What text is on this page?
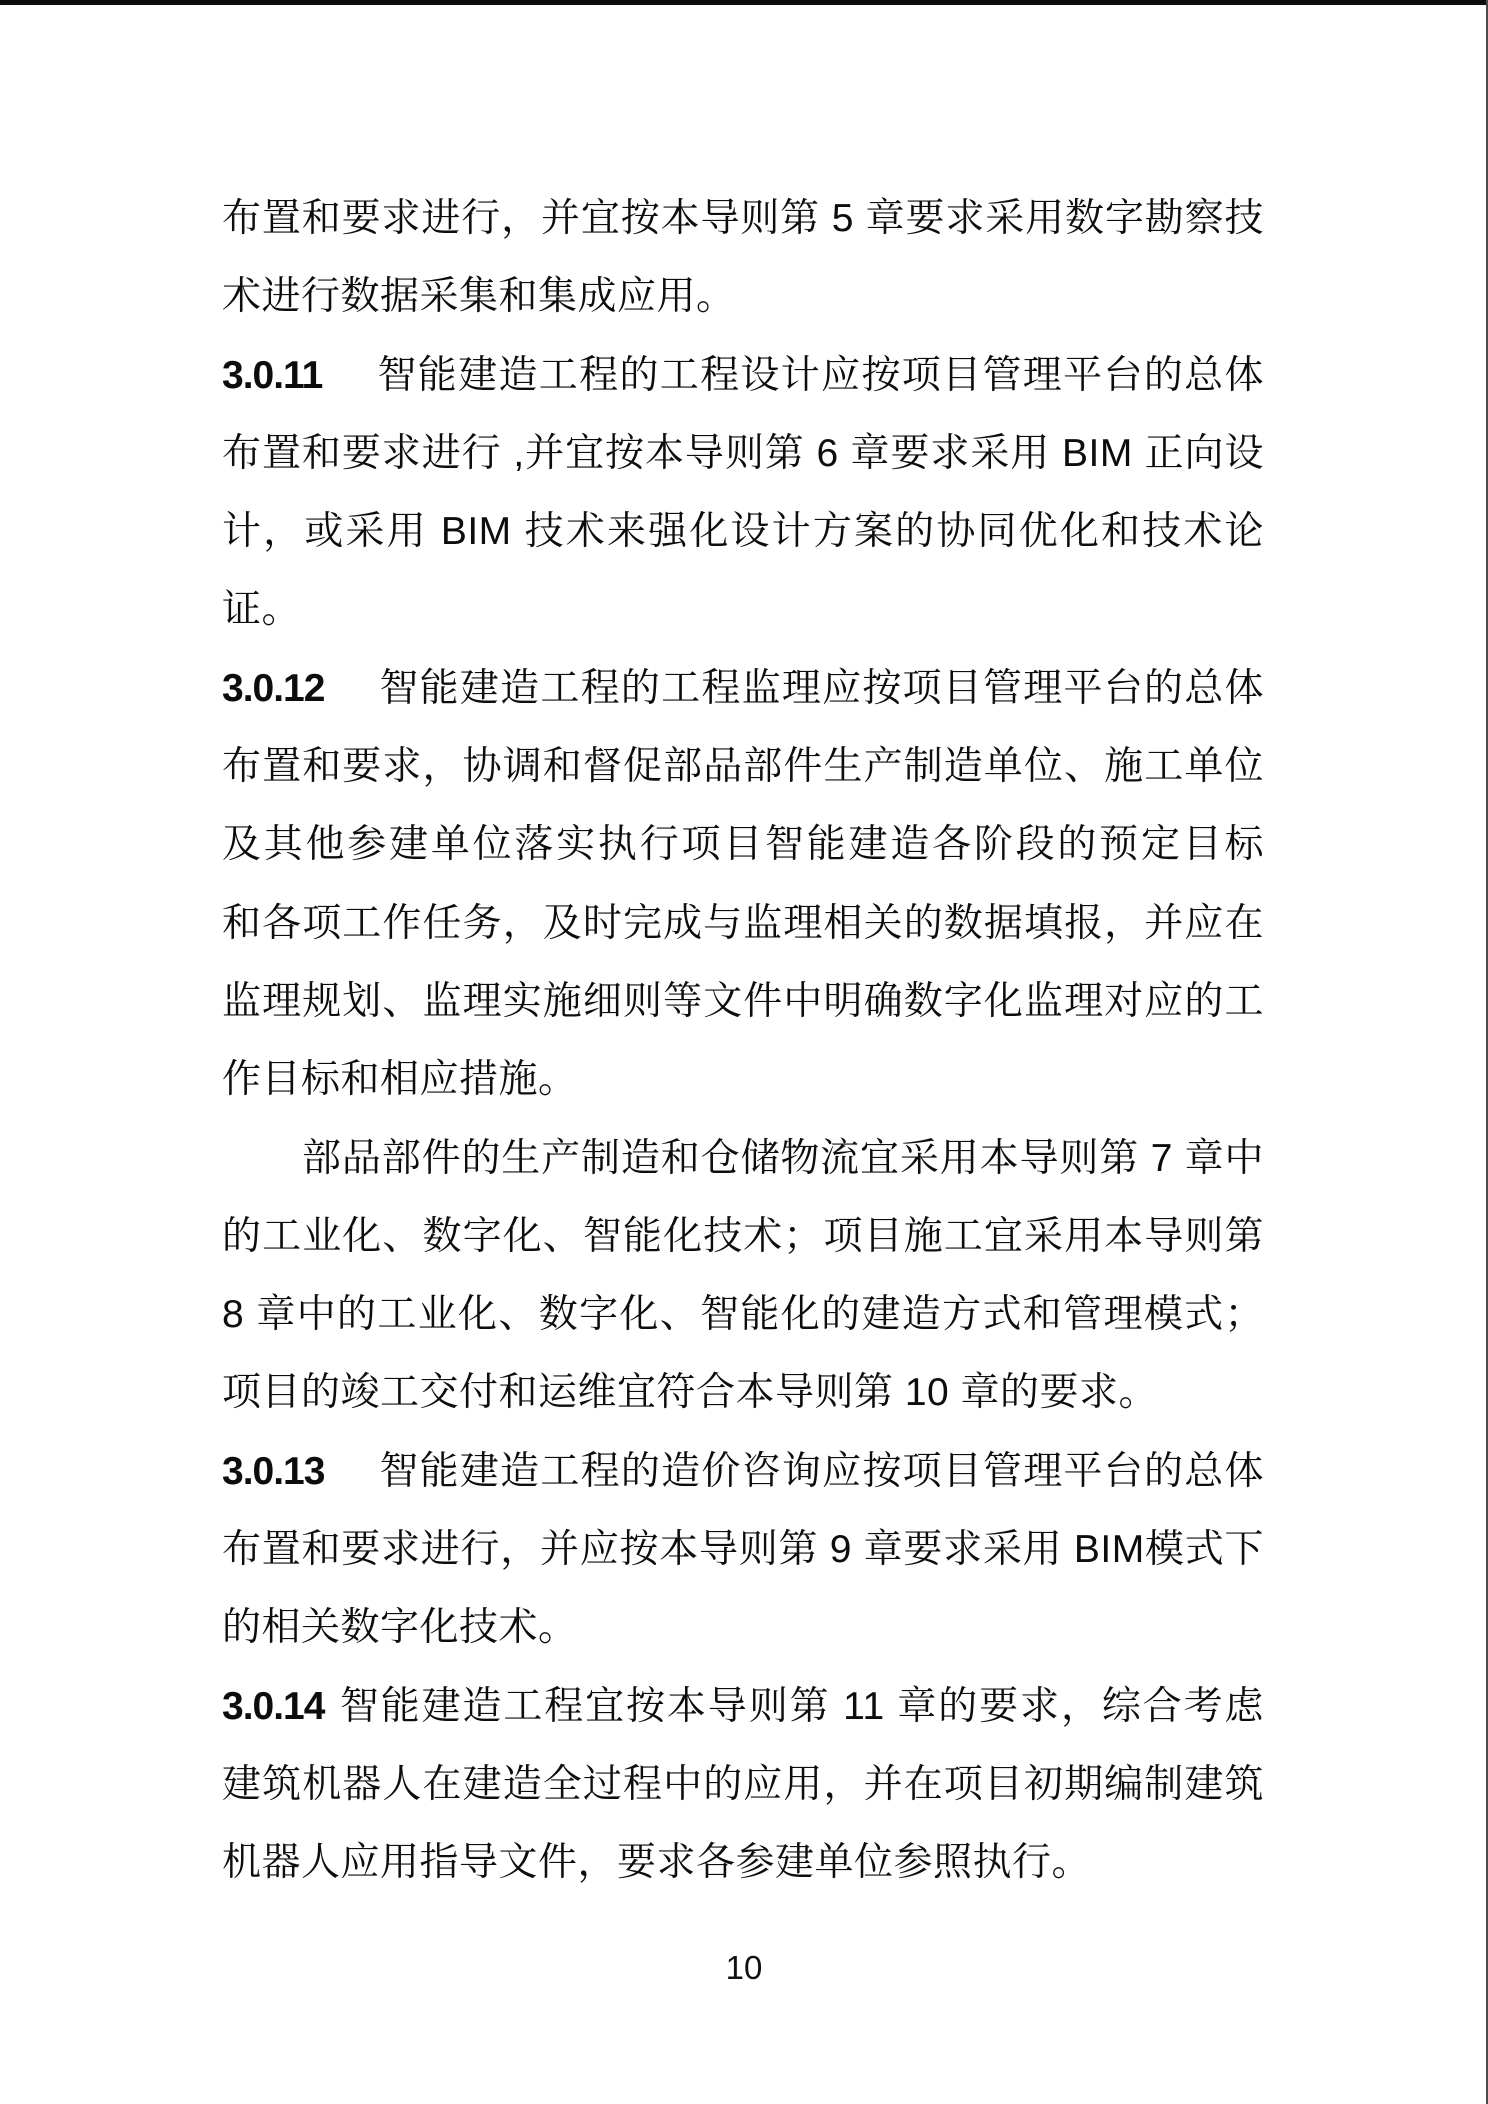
布置和要求进行，并宜按本导则第 5 章要求采用数字勘察技
术进行数据采集和集成应用。
3.0.11　智能建造工程的工程设计应按项目管理平台的总体
布置和要求进行 ,并宜按本导则第 6 章要求采用 BIM 正向设
计，或采用 BIM 技术来强化设计方案的协同优化和技术论
证。
3.0.12　智能建造工程的工程监理应按项目管理平台的总体
布置和要求，协调和督促部品部件生产制造单位、施工单位
及其他参建单位落实执行项目智能建造各阶段的预定目标
和各项工作任务，及时完成与监理相关的数据填报，并应在
监理规划、监理实施细则等文件中明确数字化监理对应的工
作目标和相应措施。
部品部件的生产制造和仓储物流宜采用本导则第 7 章中
的工业化、数字化、智能化技术；项目施工宜采用本导则第
8 章中的工业化、数字化、智能化的建造方式和管理模式；
项目的竣工交付和运维宜符合本导则第 10 章的要求。
3.0.13　智能建造工程的造价咨询应按项目管理平台的总体
布置和要求进行，并应按本导则第 9 章要求采用 BIM模式下
的相关数字化技术。
3.0.14 智能建造工程宜按本导则第 11 章的要求，综合考虑
建筑机器人在建造全过程中的应用，并在项目初期编制建筑
机器人应用指导文件，要求各参建单位参照执行。
10
